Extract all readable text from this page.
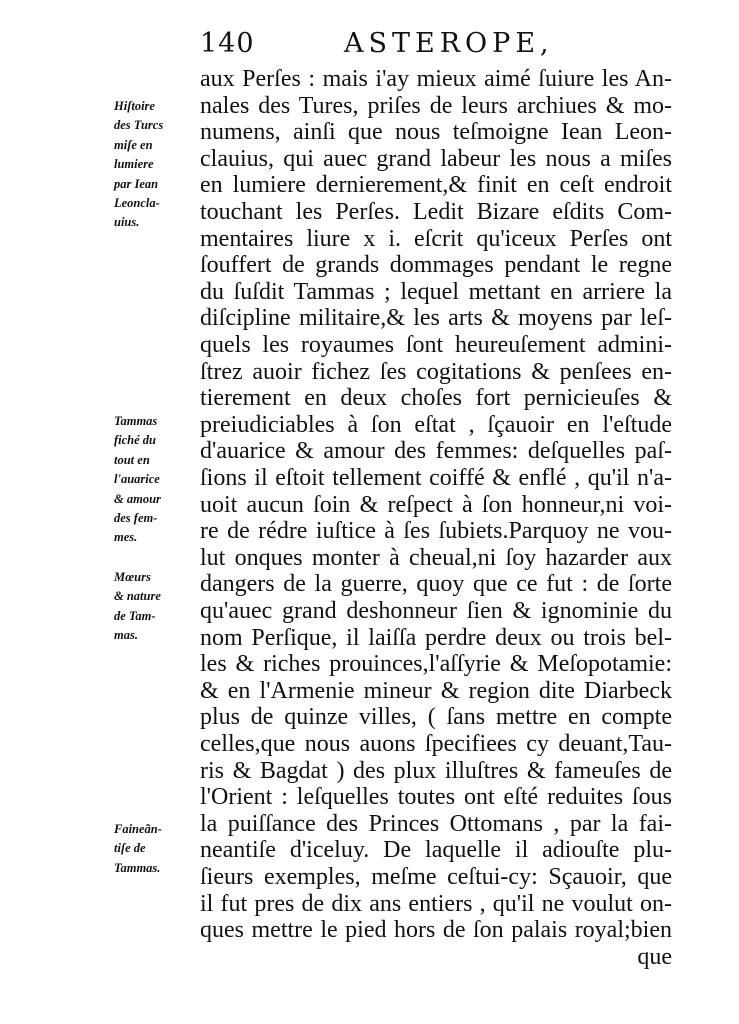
140	ASTEROPE,
aux Perſes : mais i'ay mieux aimé ſuiure les An-
nales des Tures, priſes de leurs archiues & mo-
numens, ainſi que nous teſmoigne Iean Leon-
clauius, qui auec grand labeur les nous a miſes
en lumiere dernierement,& finit en ceſt endroit
touchant les Perſes. Ledit Bizare eſdits Com-
mentaires liure x i. eſcrit qu'iceux Perſes ont
ſouffert de grands dommages pendant le regne
du ſuſdit Tammas ; lequel mettant en arriere la
diſcipline militaire,& les arts & moyens par leſ-
quels les royaumes ſont heureuſement admini-
ſtrez auoir fichez ſes cogitations & penſees en-
tierement en deux choſes fort pernicieuſes &
preiudiciables à ſon eſtat , ſçauoir en l'eſtude
d'auarice & amour des femmes: deſquelles paſ-
ſions il eſtoit tellement coiffé & enflé , qu'il n'a-
uoit aucun ſoin & reſpect à ſon honneur,ni voi-
re de rédre iuſtice à ſes ſubiets.Parquoy ne vou-
lut onques monter à cheual,ni ſoy hazarder aux
dangers de la guerre, quoy que ce fut : de ſorte
qu'auec grand deshonneur ſien & ignominie du
nom Perſique, il laiſſa perdre deux ou trois bel-
les & riches prouinces,l'aſſyrie & Meſopotamie:
& en l'Armenie mineur & region dite Diarbeck
plus de quinze villes, ( ſans mettre en compte
celles,que nous auons ſpecifiees cy deuant,Tau-
ris & Bagdat ) des plux illuſtres & fameuſes de
l'Orient : leſquelles toutes ont eſté reduites ſous
la puiſſance des Princes Ottomans , par la fai-
neantiſe d'iceluy. De laquelle il adiouſte plu-
ſieurs exemples, meſme ceſtui-cy: Sçauoir, que
il fut pres de dix ans entiers , qu'il ne voulut on-
ques mettre le pied hors de ſon palais royal;bien
que
Hiſtoire
des Turcs
miſe en
lumiere
par Iean
Leoncla-
uius.
Tammas
fiché du
tout en
l'auarice
& amour
des fem-
mes.
Mœurs
& nature
de Tam-
mas.
Faineãn-
tiſe de
Tammas.
